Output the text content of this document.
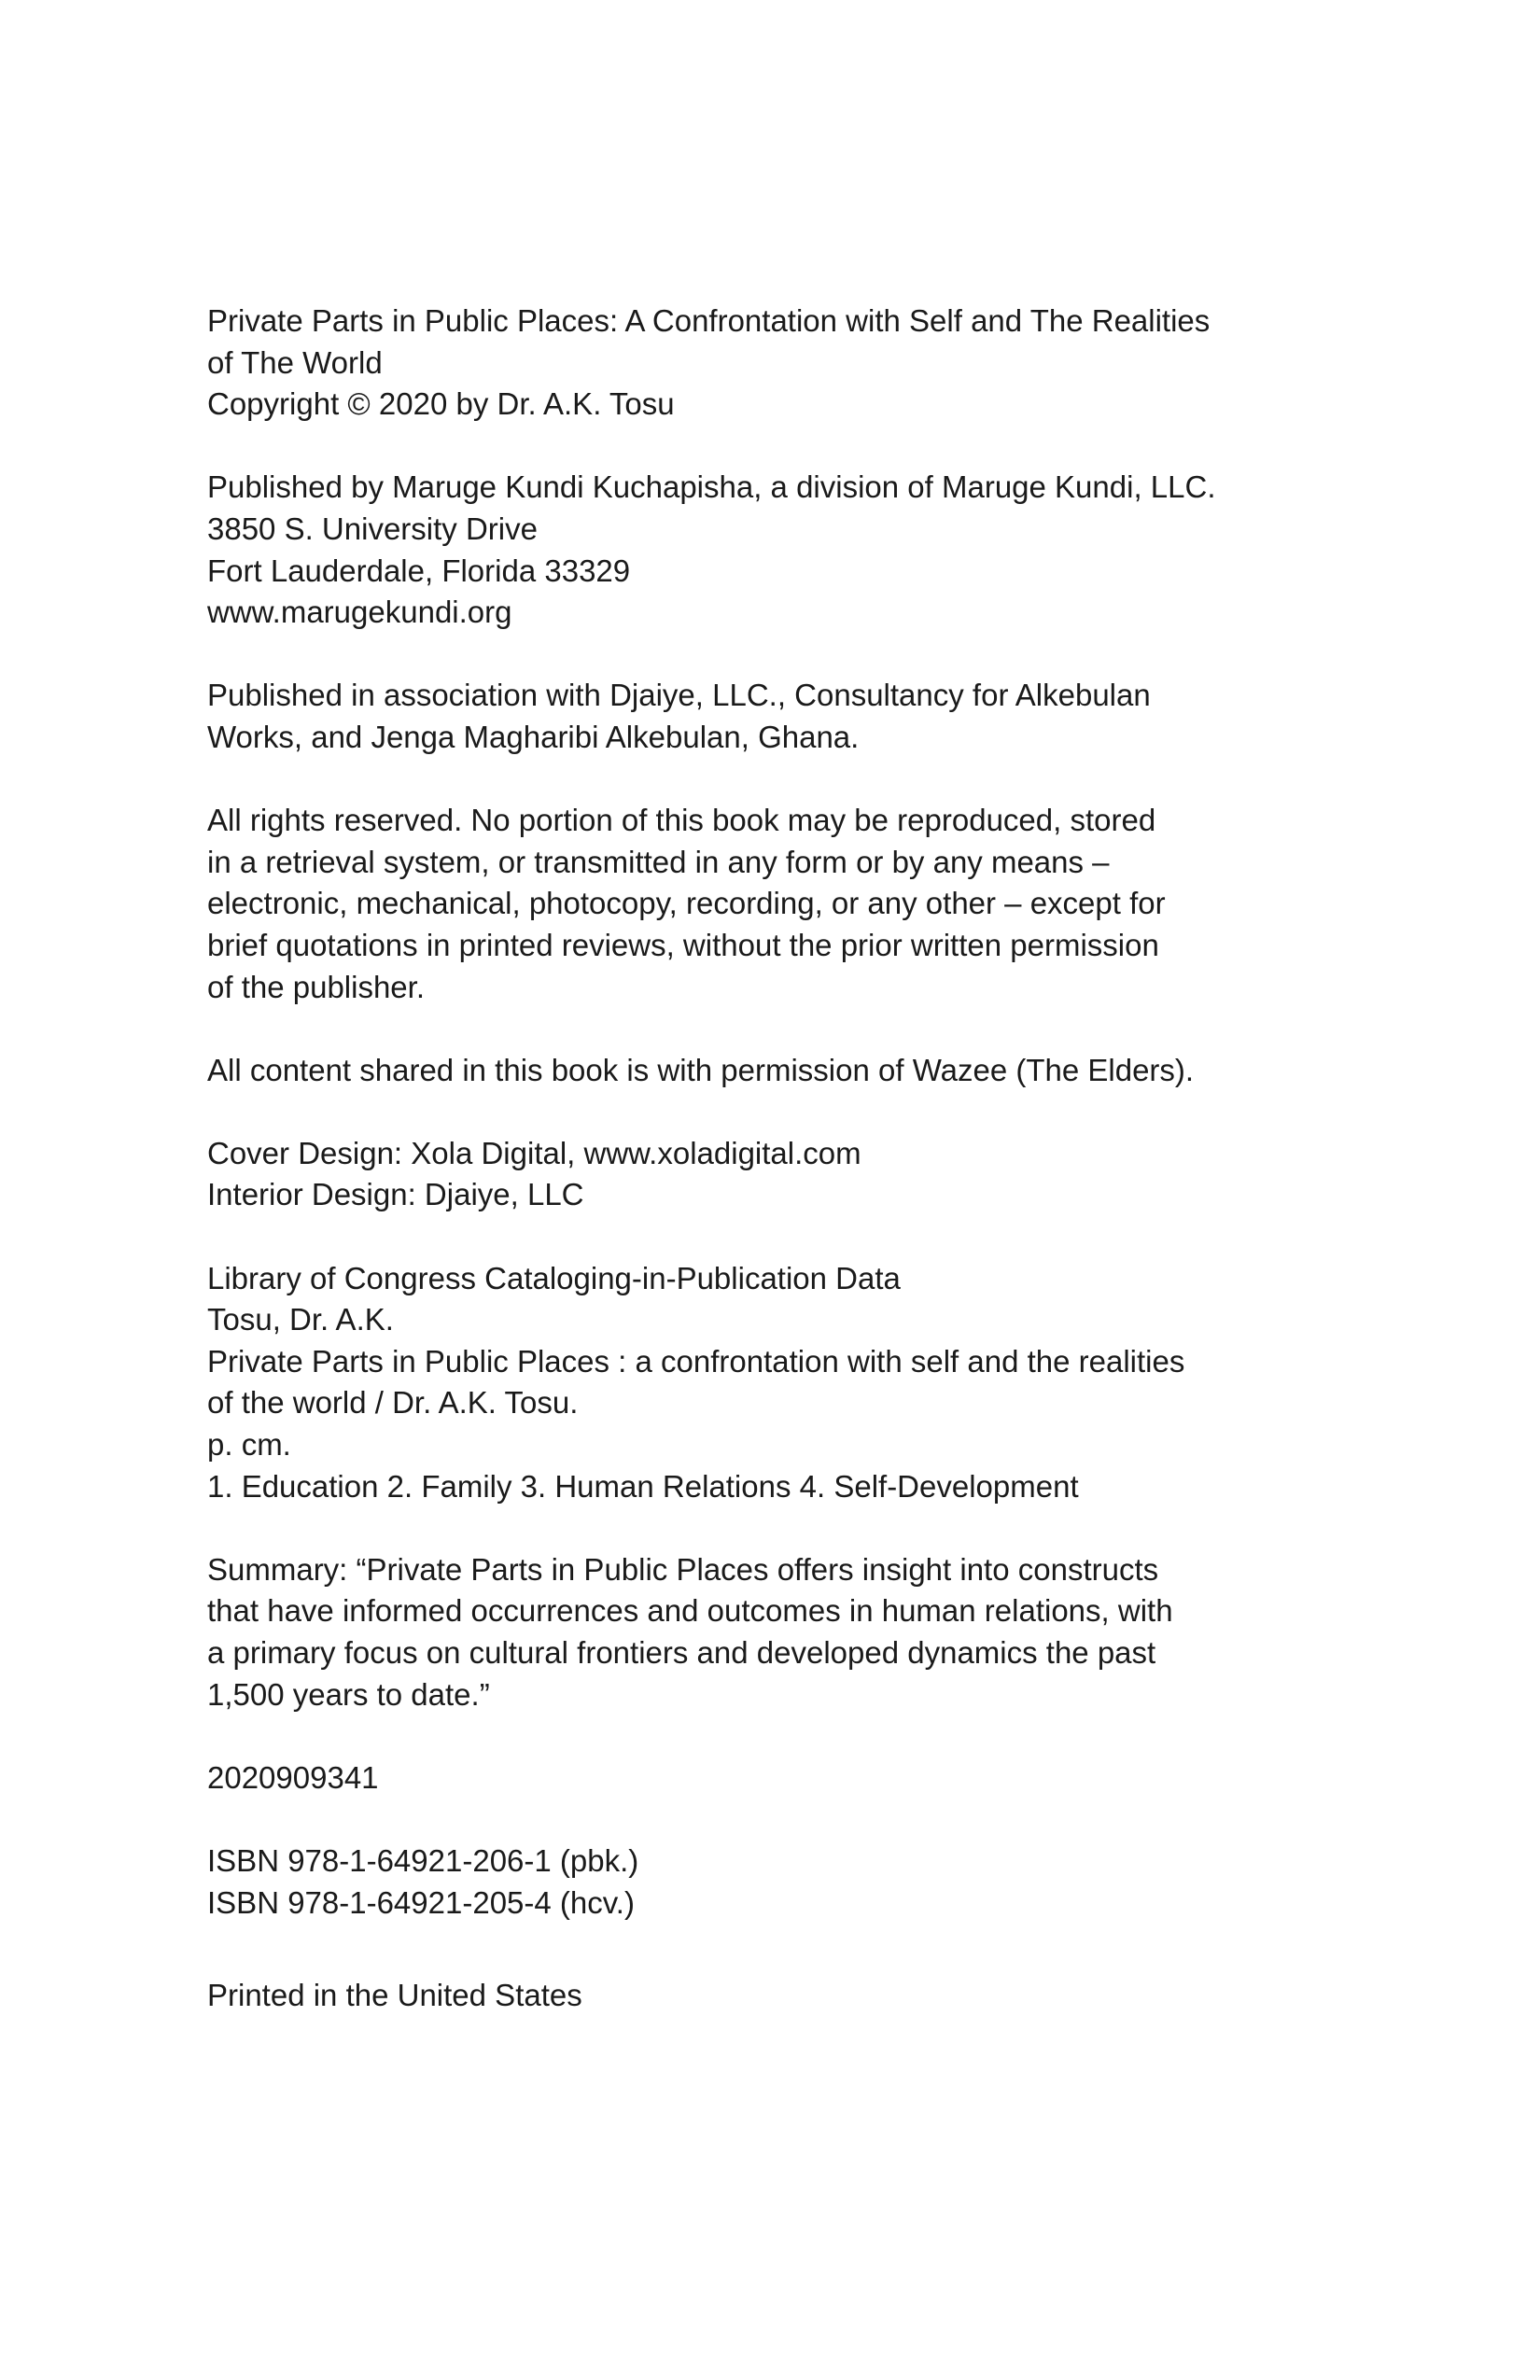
Private Parts in Public Places: A Confrontation with Self and The Realities
of The World
Copyright © 2020 by Dr. A.K. Tosu
Published by Maruge Kundi Kuchapisha, a division of Maruge Kundi, LLC.
3850 S. University Drive
Fort Lauderdale, Florida 33329
www.marugekundi.org
Published in association with Djaiye, LLC., Consultancy for Alkebulan
Works, and Jenga Magharibi Alkebulan, Ghana.
All rights reserved. No portion of this book may be reproduced, stored
in a retrieval system, or transmitted in any form or by any means –
electronic, mechanical, photocopy, recording, or any other – except for
brief quotations in printed reviews, without the prior written permission
of the publisher.
All content shared in this book is with permission of Wazee (The Elders).
Cover Design: Xola Digital, www.xoladigital.com
Interior Design: Djaiye, LLC
Library of Congress Cataloging-in-Publication Data
Tosu, Dr. A.K.
Private Parts in Public Places : a confrontation with self and the realities
of the world / Dr. A.K. Tosu.
p. cm.
1. Education 2. Family 3. Human Relations 4. Self-Development
Summary: “Private Parts in Public Places offers insight into constructs
that have informed occurrences and outcomes in human relations, with
a primary focus on cultural frontiers and developed dynamics the past
1,500 years to date.”
2020909341
ISBN 978-1-64921-206-1 (pbk.)
ISBN 978-1-64921-205-4 (hcv.)
Printed in the United States
